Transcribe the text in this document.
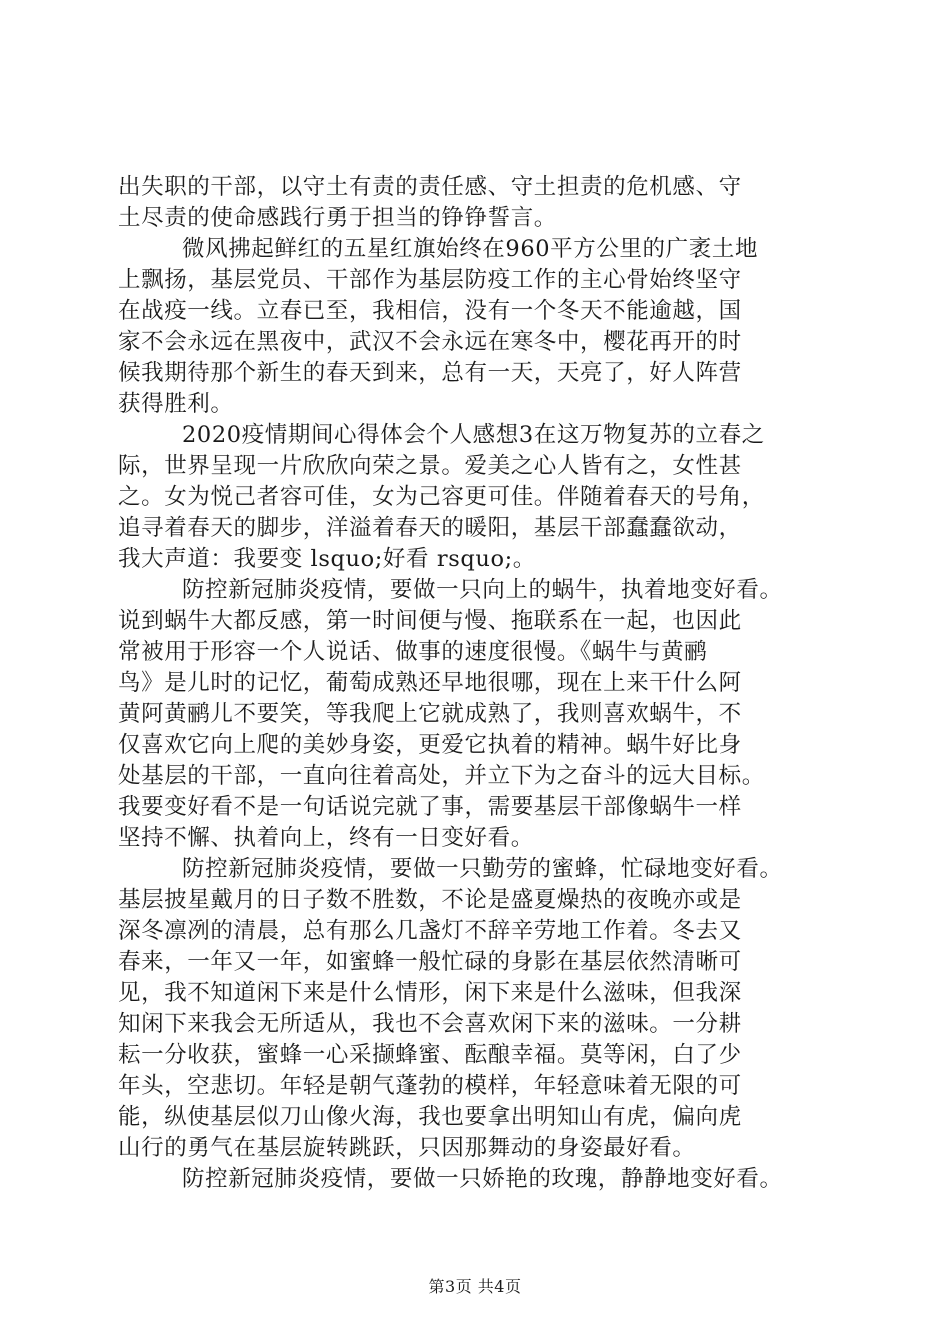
出失职的干部，以守土有责的责任感、守土担责的危机感、守
土尽责的使命感践行勇于担当的铮铮誓言。
微风拂起鲜红的五星红旗始终在960平方公里的广袤土地
上飘扬，基层党员、干部作为基层防疫工作的主心骨始终坚守
在战疫一线。立春已至，我相信，没有一个冬天不能逾越，国
家不会永远在黑夜中，武汉不会永远在寒冬中，樱花再开的时
候我期待那个新生的春天到来，总有一天，天亮了，好人阵营
获得胜利。
2020疫情期间心得体会个人感想3在这万物复苏的立春之
际，世界呈现一片欣欣向荣之景。爱美之心人皆有之，女性甚
之。女为悦己者容可佳，女为己容更可佳。伴随着春天的号角，
追寻着春天的脚步，洋溢着春天的暖阳，基层干部蠢蠢欲动，
我大声道：我要变 lsquo;好看 rsquo;。
防控新冠肺炎疫情，要做一只向上的蜗牛，执着地变好看。
说到蜗牛大都反感，第一时间便与慢、拖联系在一起，也因此
常被用于形容一个人说话、做事的速度很慢。《蜗牛与黄鹂
鸟》是儿时的记忆，葡萄成熟还早地很哪，现在上来干什么阿
黄阿黄鹂儿不要笑，等我爬上它就成熟了，我则喜欢蜗牛，不
仅喜欢它向上爬的美妙身姿，更爱它执着的精神。蜗牛好比身
处基层的干部，一直向往着高处，并立下为之奋斗的远大目标。
我要变好看不是一句话说完就了事，需要基层干部像蜗牛一样
坚持不懈、执着向上，终有一日变好看。
防控新冠肺炎疫情，要做一只勤劳的蜜蜂，忙碌地变好看。
基层披星戴月的日子数不胜数，不论是盛夏燥热的夜晚亦或是
深冬凛冽的清晨，总有那么几盏灯不辞辛劳地工作着。冬去又
春来，一年又一年，如蜜蜂一般忙碌的身影在基层依然清晰可
见，我不知道闲下来是什么情形，闲下来是什么滋味，但我深
知闲下来我会无所适从，我也不会喜欢闲下来的滋味。一分耕
耘一分收获，蜜蜂一心采撷蜂蜜、酝酿幸福。莫等闲，白了少
年头，空悲切。年轻是朝气蓬勃的模样，年轻意味着无限的可
能，纵使基层似刀山像火海，我也要拿出明知山有虎，偏向虎
山行的勇气在基层旋转跳跃，只因那舞动的身姿最好看。
防控新冠肺炎疫情，要做一只娇艳的玫瑰，静静地变好看。
第3页 共4页
